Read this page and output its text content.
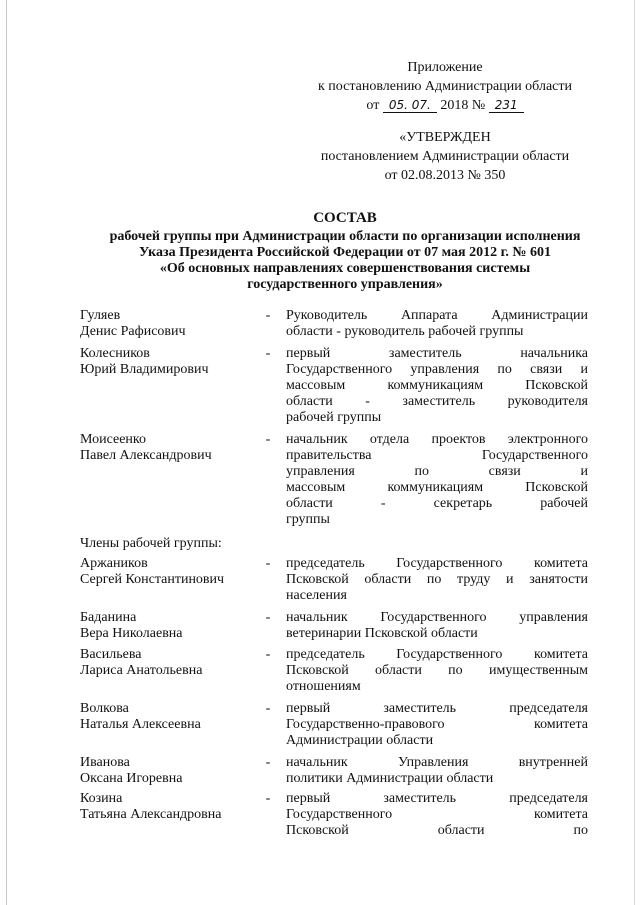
Приложение
к постановлению Администрации области
от 05. 07. 2018 № 231
«УТВЕРЖДЕН
постановлением Администрации области
от 02.08.2013 № 350
СОСТАВ
рабочей группы при Администрации области по организации исполнения
Указа Президента Российской Федерации от 07 мая 2012 г. № 601
«Об основных направлениях совершенствования системы
государственного управления»
Гуляев
Денис Рафисович
- Руководитель Аппарата Администрации
области - руководитель рабочей группы
Колесников
Юрий Владимирович
- первый заместитель начальника
Государственного управления по связи и
массовым коммуникациям Псковской
области - заместитель руководителя
рабочей группы
Моисеенко
Павел Александрович
- начальник отдела проектов электронного
правительства Государственного
управления по связи и
массовым коммуникациям Псковской
области - секретарь рабочей
группы
Члены рабочей группы:
Аржаников
Сергей Константинович
- председатель Государственного комитета
Псковской области по труду и занятости
населения
Баданина
Вера Николаевна
- начальник Государственного управления
ветеринарии Псковской области
Васильева
Лариса Анатольевна
- председатель Государственного комитета
Псковской области по имущественным
отношениям
Волкова
Наталья Алексеевна
- первый заместитель председателя
Государственно-правового комитета
Администрации области
Иванова
Оксана Игоревна
- начальник Управления внутренней
политики Администрации области
Козина
Татьяна Александровна
- первый заместитель председателя
Государственного комитета
Псковской области по
